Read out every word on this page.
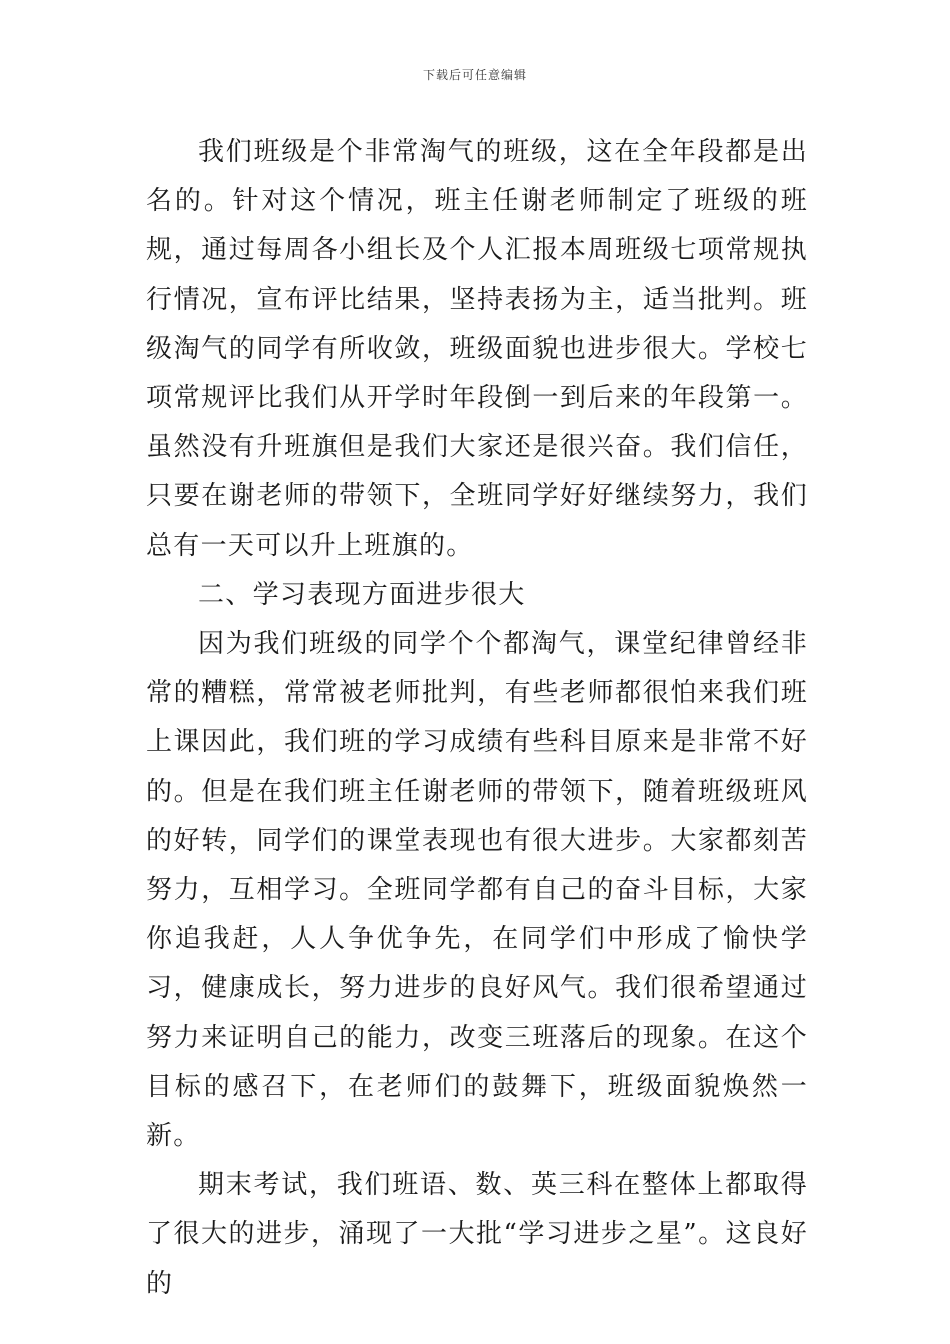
下载后可任意编辑

我们班级是个非常淘气的班级，这在全年段都是出名的。针对这个情况，班主任谢老师制定了班级的班规，通过每周各小组长及个人汇报本周班级七项常规执行情况，宣布评比结果，坚持表扬为主，适当批判。班级淘气的同学有所收敛，班级面貌也进步很大。学校七项常规评比我们从开学时年段倒一到后来的年段第一。虽然没有升班旗但是我们大家还是很兴奋。我们信任，只要在谢老师的带领下，全班同学好好继续努力，我们总有一天可以升上班旗的。

二、学习表现方面进步很大

因为我们班级的同学个个都淘气，课堂纪律曾经非常的糟糕，常常被老师批判，有些老师都很怕来我们班上课因此，我们班的学习成绩有些科目原来是非常不好的。但是在我们班主任谢老师的带领下，随着班级班风的好转，同学们的课堂表现也有很大进步。大家都刻苦努力，互相学习。全班同学都有自己的奋斗目标，大家你追我赶，人人争优争先，在同学们中形成了愉快学习，健康成长，努力进步的良好风气。我们很希望通过努力来证明自己的能力，改变三班落后的现象。在这个目标的感召下，在老师们的鼓舞下，班级面貌焕然一新。

期末考试，我们班语、数、英三科在整体上都取得了很大的进步，涌现了一大批“学习进步之星”。这良好的
